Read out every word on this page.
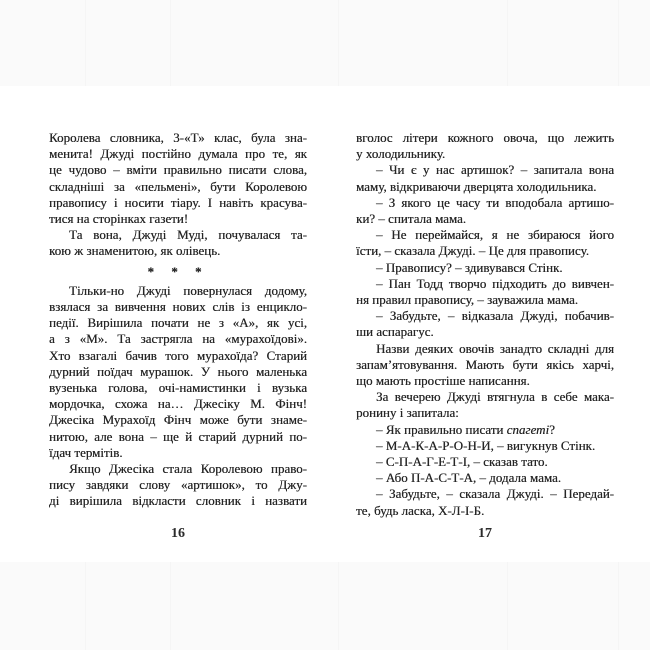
Королева словника, 3-«Т» клас, була зна-
менита! Джуді постійно думала про те, як
це чудово – вміти правильно писати слова,
складніші за «пельмені», бути Королевою
правопису і носити тіару. І навіть красува-
тися на сторінках газети!
Та вона, Джуді Муді, почувалася та-
кою ж знаменитою, як олівець.
* * *
Тільки-но Джуді повернулася додому,
взялася за вивчення нових слів із енцикло-
педії. Вирішила почати не з «А», як усі,
а з «М». Та застрягла на «мурахоїдові».
Хто взагалі бачив того мурахоїда? Старий
дурний поїдач мурашок. У нього маленька
вузенька голова, очі-намистинки і вузька
мордочка, схожа на… Джесіку М. Фінч!
Джесіка Мурахоїд Фінч може бути знаме-
нитою, але вона – ще й старий дурний по-
їдач термітів.
Якщо Джесіка стала Королевою право-
пису завдяки слову «артишок», то Джу-
ді вирішила відкласти словник і назвати
вголос літери кожного овоча, що лежить
у холодильнику.
– Чи є у нас артишок? – запитала вона
маму, відкриваючи дверцята холодильника.
– З якого це часу ти вподобала артишо-
ки? – спитала мама.
– Не переймайся, я не збираюся його
їсти, – сказала Джуді. – Це для правопису.
– Правопису? – здивувався Стінк.
– Пан Тодд творчо підходить до вивчен-
ня правил правопису, – зауважила мама.
– Забудьте, – відказала Джуді, побачив-
ши аспарагус.
Назви деяких овочів занадто складні для
запам’ятовування. Мають бути якісь харчі,
що мають простіше написання.
За вечерею Джуді втягнула в себе мака-
ронину і запитала:
– Як правильно писати спагеті?
– М-А-К-А-Р-О-Н-И, – вигукнув Стінк.
– С-П-А-Г-Е-Т-І, – сказав тато.
– Або П-А-С-Т-А, – додала мама.
– Забудьте, – сказала Джуді. – Передай-
те, будь ласка, Х-Л-І-Б.
16	17
